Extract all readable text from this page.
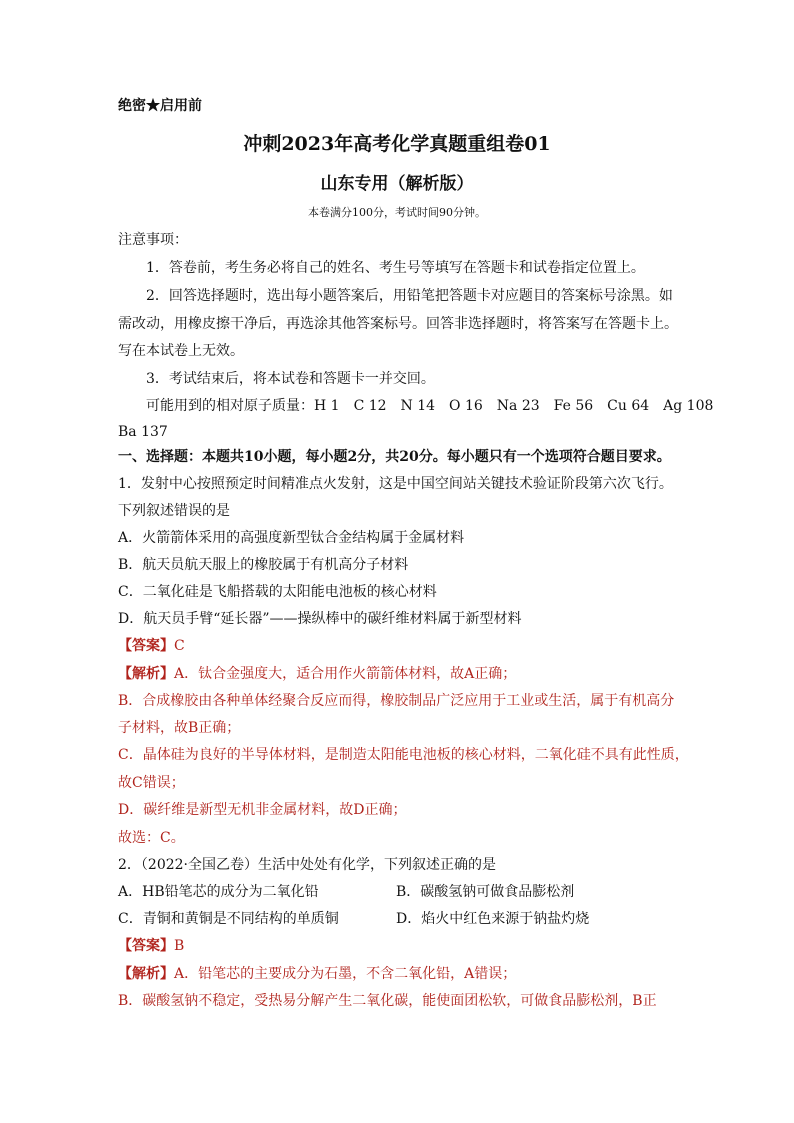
绝密★启用前
冲刺2023年高考化学真题重组卷01
山东专用（解析版）
本卷满分100分，考试时间90分钟。
注意事项：
1．答卷前，考生务必将自己的姓名、考生号等填写在答题卡和试卷指定位置上。
2．回答选择题时，选出每小题答案后，用铅笔把答题卡对应题目的答案标号涂黑。如
需改动，用橡皮擦干净后，再选涂其他答案标号。回答非选择题时，将答案写在答题卡上。
写在本试卷上无效。
3．考试结束后，将本试卷和答题卡一并交回。
可能用到的相对原子质量：H 1　C 12　N 14　O 16　Na 23　Fe 56　Cu 64　Ag 108
Ba 137
一、选择题：本题共10小题，每小题2分，共20分。每小题只有一个选项符合题目要求。
1．发射中心按照预定时间精准点火发射，这是中国空间站关键技术验证阶段第六次飞行。
下列叙述错误的是
A．火箭箭体采用的高强度新型钛合金结构属于金属材料
B．航天员航天服上的橡胶属于有机高分子材料
C．二氧化硅是飞船搭载的太阳能电池板的核心材料
D．航天员手臂“延长器”——操纵棒中的碳纤维材料属于新型材料
【答案】C
【解析】A．钛合金强度大，适合用作火箭箭体材料，故A正确；
B．合成橡胶由各种单体经聚合反应而得，橡胶制品广泛应用于工业或生活，属于有机高分
子材料，故B正确；
C．晶体硅为良好的半导体材料，是制造太阳能电池板的核心材料，二氧化硅不具有此性质，
故C错误；
D．碳纤维是新型无机非金属材料，故D正确；
故选：C。
2．（2022·全国乙卷）生活中处处有化学，下列叙述正确的是
A．HB铅笔芯的成分为二氧化铅	B．碳酸氢钠可做食品膨松剂
C．青铜和黄铜是不同结构的单质铜	D．焰火中红色来源于钠盐灼烧
【答案】B
【解析】A．铅笔芯的主要成分为石墨，不含二氧化铅，A错误；
B．碳酸氢钠不稳定，受热易分解产生二氧化碳，能使面团松软，可做食品膨松剂，B正
